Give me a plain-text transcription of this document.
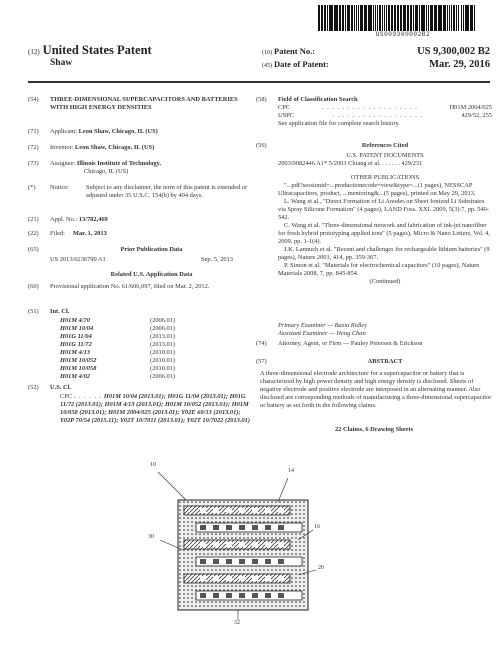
US009300002B2
(12) United States Patent
Shaw
(10) Patent No.:	US 9,300,002 B2
(45) Date of Patent:	Mar. 29, 2016
(54)	THREE-DIMENSIONAL SUPERCAPACITORS AND BATTERIES WITH HIGH ENERGY DENSITIES
(71)	Applicant: Leon Shaw, Chicago, IL (US)
(72)	Inventor: Leon Shaw, Chicago, IL (US)
(73)	Assignee: Illinois Institute of Technology,
Chicago, IL (US)
(*)	Notice:	Subject to any disclaimer, the term of this patent is extended or adjusted under 35 U.S.C. 154(b) by 404 days.
(21)	Appl. No.: 13/782,469
(22)	Filed: Mar. 1, 2013
(65)	Prior Publication Data
US 2013/0236790 A1	Sep. 5, 2013
Related U.S. Application Data
(60)	Provisional application No. 61/606,097, filed on Mar. 2, 2012.
(51)	Int. Cl.
H01M 4/70	(2006.01)
H01M 10/04	(2006.01)
H01G 11/04	(2013.01)
H01G 11/72	(2013.01)
H01M 4/13	(2010.01)
H01M 10/052	(2010.01)
H01M 10/058	(2010.01)
H01M 4/02	(2006.01)
(52)	U.S. Cl.
CPC . . . . . . H01M 10/04 (2013.01); H01G 11/04 (2013.01); H01G 11/72 (2013.01); H01M 4/13 (2013.01); H01M 10/052 (2013.01); H01M 10/058 (2013.01); H01M 2004/025 (2013.01); Y02E 60/13 (2013.01); Y02P 70/54 (2015.11); Y02T 10/7011 (2013.01); Y02T 10/7022 (2013.01)
(58)	Field of Classification Search
CPC	. . . . . . . . . . . . . . . . . . .	H01M 2004/025
USPC	. . . . . . . . . . . . . . . . . .	429/52, 255
See application file for complete search history.
(56)	References Cited
U.S. PATENT DOCUMENTS
2003/0082446 A1* 5/2003 Chiang et al. . . . . . . 429/231
OTHER PUBLICATIONS
"...pdf?sessionid=...productionecode=view&type=...(1 pages), NESSCAP Ultracapacitors, product, ...mentoring&...(5 pages), printed on May 29, 2013.
L. Wang et al., "Direct Formation of Li Anodes on Sheet Ionized Li Substrates via Spray Silicone Formation" (4 pages), LAND Foss. XXI. 2009, 5(3):7, pp. 540-542.
C. Wang et al. "Three-dimensional network and fabrication of ink-jet nanofiber for fresh hybrid prototyping applied ions" (5 pages), Micro & Nano Letters, Vol. 4, 2009, pp. 1-1(4).
J.K. Lannuch et al. "Recent and challenges for rechargeable lithium batteries" (9 pages), Nature 2001, 414, pp. 359-367.
P. Simon et al. "Materials for electrochemical capacitors" (10 pages), Nature Materials 2008, 7, pp. 845-854.
(Continued)
Primary Examiner — Basia Ridley
Assistant Examiner — Heng Chan
(74)	Attorney, Agent, or Firm — Pauley Petersen & Erickson
(57)	ABSTRACT
A three-dimensional electrode architecture for a supercapacitor or battery that is characterized by high power density and high energy density is disclosed. Sheets of negative electrode and positive electrode are interposed in an alternating manner. Also disclosed are corresponding methods of manufacturing a three-dimensional supercapacitor or battery as set forth in the following claims.
22 Claims, 6 Drawing Sheets
10
14
16
20
30
32
